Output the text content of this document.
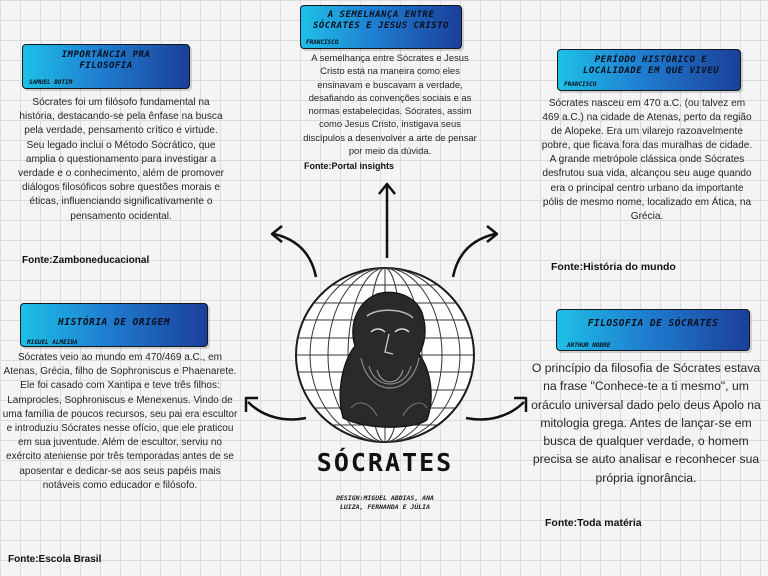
A SEMELHANÇA ENTRE SÓCRATES E JESUS CRISTO
FRANCISCO
A semelhança entre Sócrates e Jesus Cristo está na maneira como eles ensinavam e buscavam a verdade, desafiando as convenções sociais e as normas estabelecidas. Sócrates, assim como Jesus Cristo, instigava seus discípulos a desenvolver a arte de pensar por meio da dúvida.
Fonte:Portal insights
IMPORTÂNCIA PRA FILOSOFIA
SAMUEL BOTIM
Sócrates foi um filósofo fundamental na história, destacando-se pela ênfase na busca pela verdade, pensamento crítico e virtude. Seu legado inclui o Método Socrático, que amplia o questionamento para investigar a verdade e o conhecimento, além de promover diálogos filosóficos sobre questões morais e éticas, influenciando significativamente o pensamento ocidental.
Fonte:Zamboneducacional
PERÍODO HISTÓRICO E LOCALIDADE EM QUE VIVEU
FRANCISCO
Sócrates nasceu em 470 a.C. (ou talvez em 469 a.C.) na cidade de Atenas, perto da região de Alopeke. Era um vilarejo razoavelmente pobre, que ficava fora das muralhas de cidade. A grande metrópole clássica onde Sócrates desfrutou sua vida, alcançou seu auge quando era o principal centro urbano da importante pólis de mesmo nome, localizado em Ática, na Grécia.
Fonte:História do mundo
HISTÓRIA DE ORIGEM
MIGUEL ALMEIDA
Sócrates veio ao mundo em 470/469 a.C., em Atenas, Grécia, filho de Sophroniscus e Phaenarete. Ele foi casado com Xantipa e teve três filhos: Lamprocles, Sophroniscus e Menexenus. Vindo de uma família de poucos recursos, seu pai era escultor e introduziu Sócrates nesse ofício, que ele praticou em sua juventude. Além de escultor, serviu no exército ateniense por três temporadas antes de se aposentar e dedicar-se aos seus papéis mais notáveis como educador e filósofo.
Fonte:Escola Brasil
FILOSOFIA DE SÓCRATES
ARTHUR NOBRE
O princípio da filosofia de Sócrates estava na frase "Conhece-te a ti mesmo", um oráculo universal dado pelo deus Apolo na mitologia grega. Antes de lançar-se em busca de qualquer verdade, o homem precisa se auto analisar e reconhecer sua própria ignorância.
Fonte:Toda matéria
SÓCRATES
DESIGN:MIGUEL ABDIAS, ANA LUIZA, FERNANDA E JÚLIA
